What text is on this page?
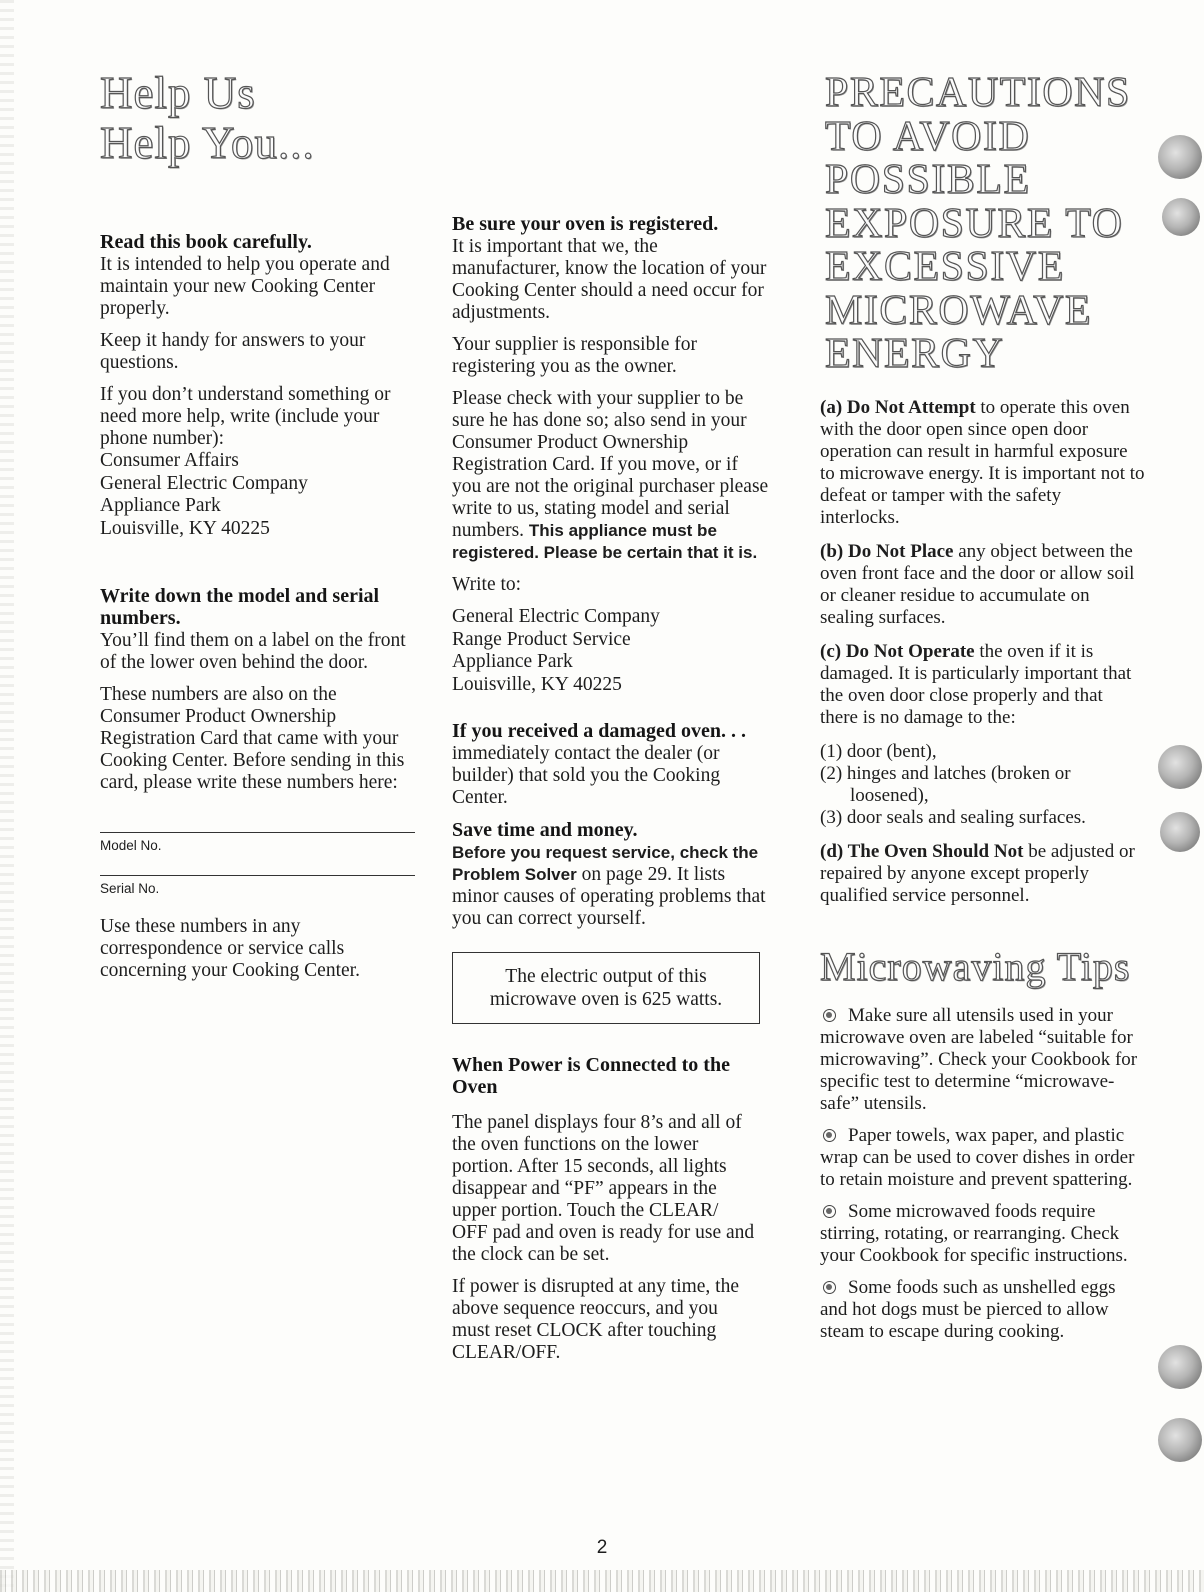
Help Us
Help You...
Read this book carefully.

It is intended to help you operate and maintain your new Cooking Center properly.

Keep it handy for answers to your questions.

If you don’t understand something or need more help, write (include your phone number):

Consumer Affairs
General Electric Company
Appliance Park
Louisville, KY 40225
Write down the model and serial numbers.

You’ll find them on a label on the front of the lower oven behind the door.

These numbers are also on the Consumer Product Ownership Registration Card that came with your Cooking Center. Before sending in this card, please write these numbers here:

Model No.
Serial No.

Use these numbers in any correspondence or service calls concerning your Cooking Center.

Be sure your oven is registered.

It is important that we, the manufacturer, know the location of your Cooking Center should a need occur for adjustments.

Your supplier is responsible for registering you as the owner.

Please check with your supplier to be sure he has done so; also send in your Consumer Product Ownership Registration Card. If you move, or if you are not the original purchaser please write to us, stating model and serial numbers. This appliance must be registered. Please be certain that it is.

Write to:

General Electric Company
Range Product Service
Appliance Park
Louisville, KY 40225
If you received a damaged oven. . .

immediately contact the dealer (or builder) that sold you the Cooking Center.

Save time and money.

Before you request service, check the Problem Solver on page 29. It lists minor causes of operating problems that you can correct yourself.

The electric output of this
microwave oven is 625 watts.
When Power is Connected to the Oven

The panel displays four 8’s and all of the oven functions on the lower portion. After 15 seconds, all lights disappear and “PF” appears in the upper portion. Touch the CLEAR/ OFF pad and oven is ready for use and the clock can be set.

If power is disrupted at any time, the above sequence reoccurs, and you must reset CLOCK after touching CLEAR/OFF.

PRECAUTIONS
TO AVOID
POSSIBLE
EXPOSURE TO
EXCESSIVE
MICROWAVE
ENERGY

(a) Do Not Attempt to operate this oven with the door open since open door operation can result in harmful exposure to microwave energy. It is important not to defeat or tamper with the safety interlocks.

(b) Do Not Place any object between the oven front face and the door or allow soil or cleaner residue to accumulate on sealing surfaces.

(c) Do Not Operate the oven if it is damaged. It is particularly important that the oven door close properly and that there is no damage to the:

(1) door (bent),
(2) hinges and latches (broken or
loosened),
(3) door seals and sealing surfaces.

(d) The Oven Should Not be adjusted or repaired by anyone except properly qualified service personnel.

Microwaving Tips

Make sure all utensils used in your microwave oven are labeled “suitable for microwaving”. Check your Cookbook for specific test to determine “microwave-safe” utensils.

Paper towels, wax paper, and plastic wrap can be used to cover dishes in order to retain moisture and prevent spattering.

Some microwaved foods require stirring, rotating, or rearranging. Check your Cookbook for specific instructions.

Some foods such as unshelled eggs and hot dogs must be pierced to allow steam to escape during cooking.

2
